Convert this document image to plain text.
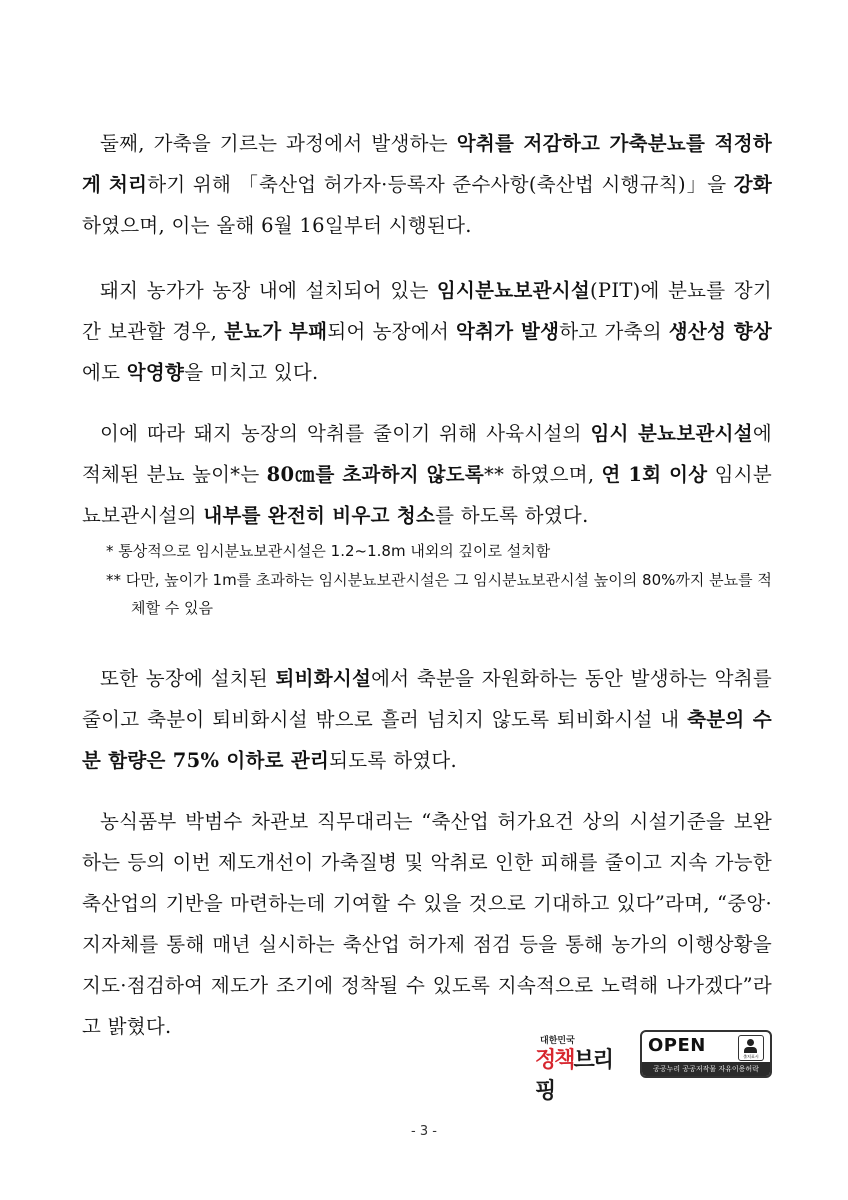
둘째, 가축을 기르는 과정에서 발생하는 악취를 저감하고 가축분뇨를 적정하게 처리하기 위해 「축산업 허가자·등록자 준수사항(축산법 시행규칙)」을 강화하였으며, 이는 올해 6월 16일부터 시행된다.

돼지 농가가 농장 내에 설치되어 있는 임시분뇨보관시설(PIT)에 분뇨를 장기간 보관할 경우, 분뇨가 부패되어 농장에서 악취가 발생하고 가축의 생산성 향상에도 악영향을 미치고 있다.

이에 따라 돼지 농장의 악취를 줄이기 위해 사육시설의 임시 분뇨보관시설에 적체된 분뇨 높이*는 80㎝를 초과하지 않도록** 하였으며, 연 1회 이상 임시분뇨보관시설의 내부를 완전히 비우고 청소를 하도록 하였다.

* 통상적으로 임시분뇨보관시설은 1.2~1.8m 내외의 깊이로 설치함

** 다만, 높이가 1m를 초과하는 임시분뇨보관시설은 그 임시분뇨보관시설 높이의 80%까지 분뇨를 적체할 수 있음

또한 농장에 설치된 퇴비화시설에서 축분을 자원화하는 동안 발생하는 악취를 줄이고 축분이 퇴비화시설 밖으로 흘러 넘치지 않도록 퇴비화시설 내 축분의 수분 함량은 75% 이하로 관리되도록 하였다.

농식품부 박범수 차관보 직무대리는 “축산업 허가요건 상의 시설기준을 보완하는 등의 이번 제도개선이 가축질병 및 악취로 인한 피해를 줄이고 지속 가능한 축산업의 기반을 마련하는데 기여할 수 있을 것으로 기대하고 있다”라며, “중앙·지자체를 통해 매년 실시하는 축산업 허가제 점검 등을 통해 농가의 이행상황을 지도·점검하여 제도가 조기에 정착될 수 있도록 지속적으로 노력해 나가겠다”라고 밝혔다.

대한민국
정책브리핑
OPEN
출처표시
공공누리 공공저작물 자유이용허락
- 3 -
